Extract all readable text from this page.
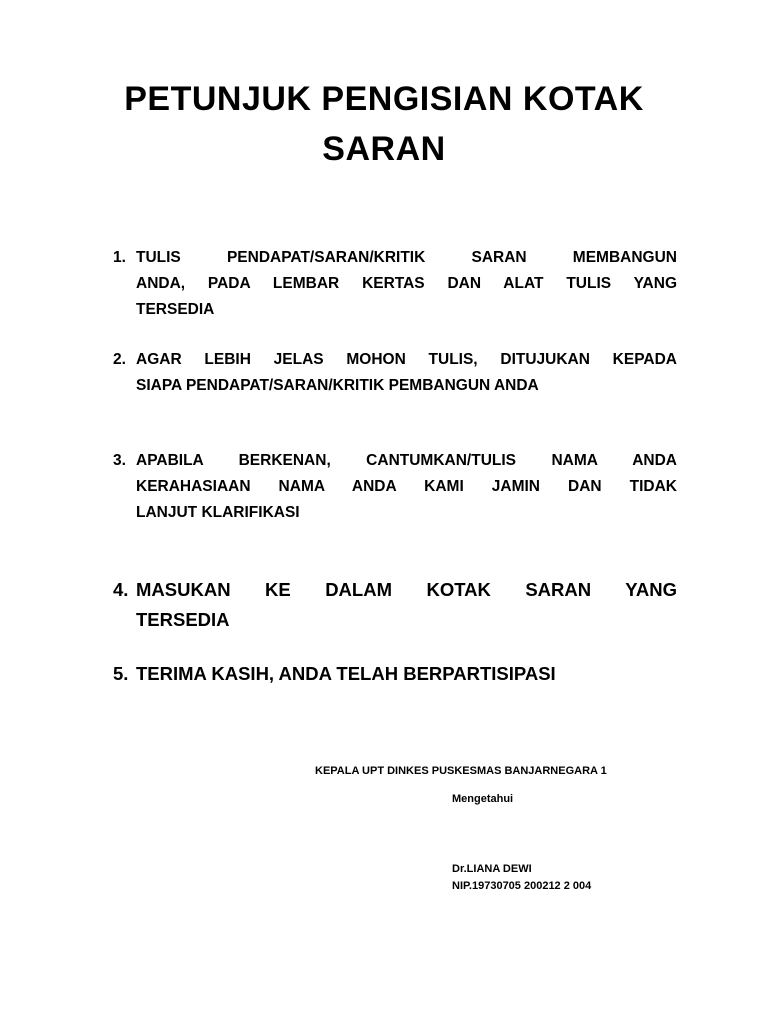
PETUNJUK PENGISIAN KOTAK
SARAN
1. TULIS PENDAPAT/SARAN/KRITIK SARAN MEMBANGUN
ANDA, PADA LEMBAR KERTAS DAN ALAT TULIS YANG
TERSEDIA
2. AGAR LEBIH JELAS MOHON TULIS, DITUJUKAN KEPADA
SIAPA PENDAPAT/SARAN/KRITIK PEMBANGUN ANDA
3. APABILA BERKENAN, CANTUMKAN/TULIS NAMA ANDA
KERAHASIAAN NAMA ANDA KAMI JAMIN DAN TIDAK
LANJUT KLARIFIKASI
4. MASUKAN KE DALAM KOTAK SARAN YANG
TERSEDIA
5. TERIMA KASIH, ANDA TELAH BERPARTISIPASI
KEPALA UPT DINKES PUSKESMAS BANJARNEGARA 1
Mengetahui
Dr.LIANA DEWI
NIP.19730705 200212 2 004
